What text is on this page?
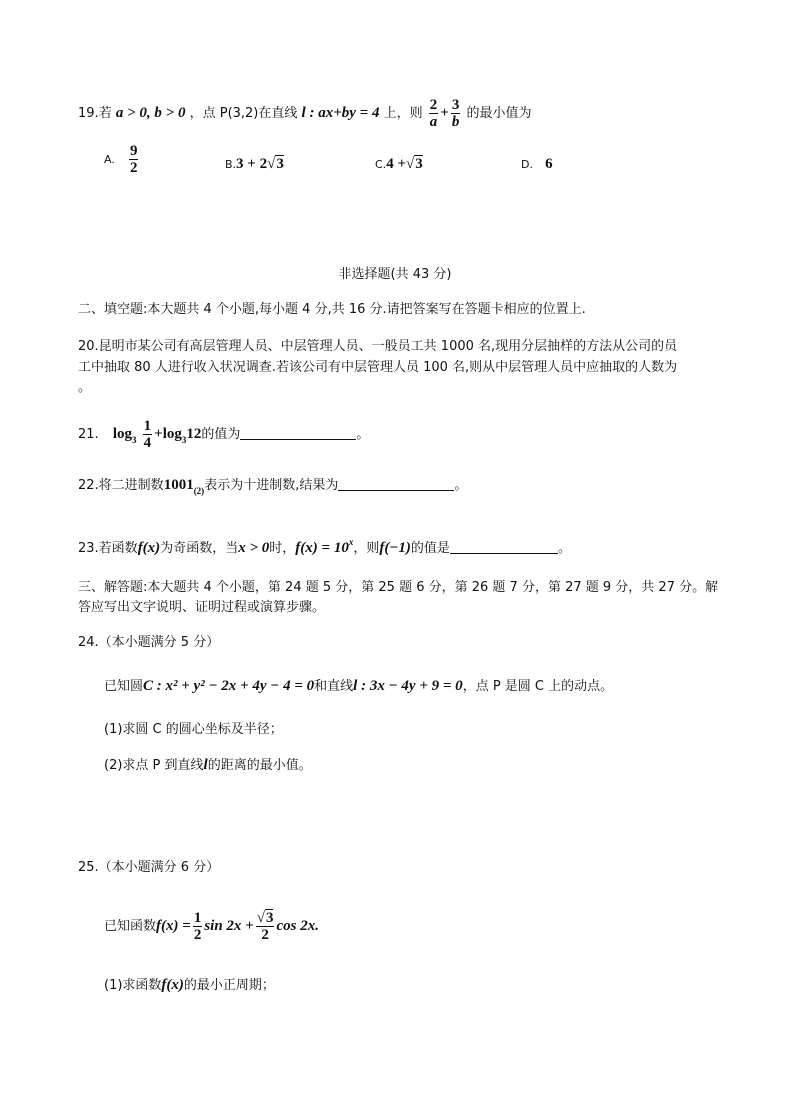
19.若 a > 0, b > 0 ，点 P(3,2)在直线 l : ax+by = 4 上，则 $\frac{2}{a} + \frac{3}{b}$ 的最小值为
A. $\frac{9}{2}$	B.3 + 2√3	C.4 +√3	D. 6
非选择题(共 43 分)
二、填空题:本大题共 4 个小题,每小题 4 分,共 16 分.请把答案写在答题卡相应的位置上.
20.昆明市某公司有高层管理人员、中层管理人员、一般员工共 1000 名,现用分层抽样的方法从公司的员
工中抽取 80 人进行收入状况调查.若该公司有中层管理人员 100 名,则从中层管理人员中应抽取的人数为
。
21. $\log_3 \frac{1}{4} +\log_312$的值为	。
22.将二进制数$1001_{(2)}$表示为十进制数,结果为	。
23.若函数f(x)为奇函数，当x > 0时，$f(x) = 10^x$，则f(−1)的值是	。
三、解答题:本大题共 4 个小题，第 24 题 5 分，第 25 题 6 分，第 26 题 7 分，第 27 题 9 分，共 27 分。解
答应写出文字说明、证明过程或演算步骤。
24.（本小题满分 5 分）
已知圆C : x² + y² − 2x + 4y − 4 = 0和直线l : 3x − 4y + 9 = 0，点 P 是圆 C 上的动点。
(1)求圆 C 的圆心坐标及半径；
(2)求点 P 到直线l的距离的最小值。
25.（本小题满分 6 分）
已知函数$f(x) = \frac{1}{2}$ $\sin 2x + \frac{√3}{2}$ cos 2x.
(1)求函数f(x)的最小正周期；
